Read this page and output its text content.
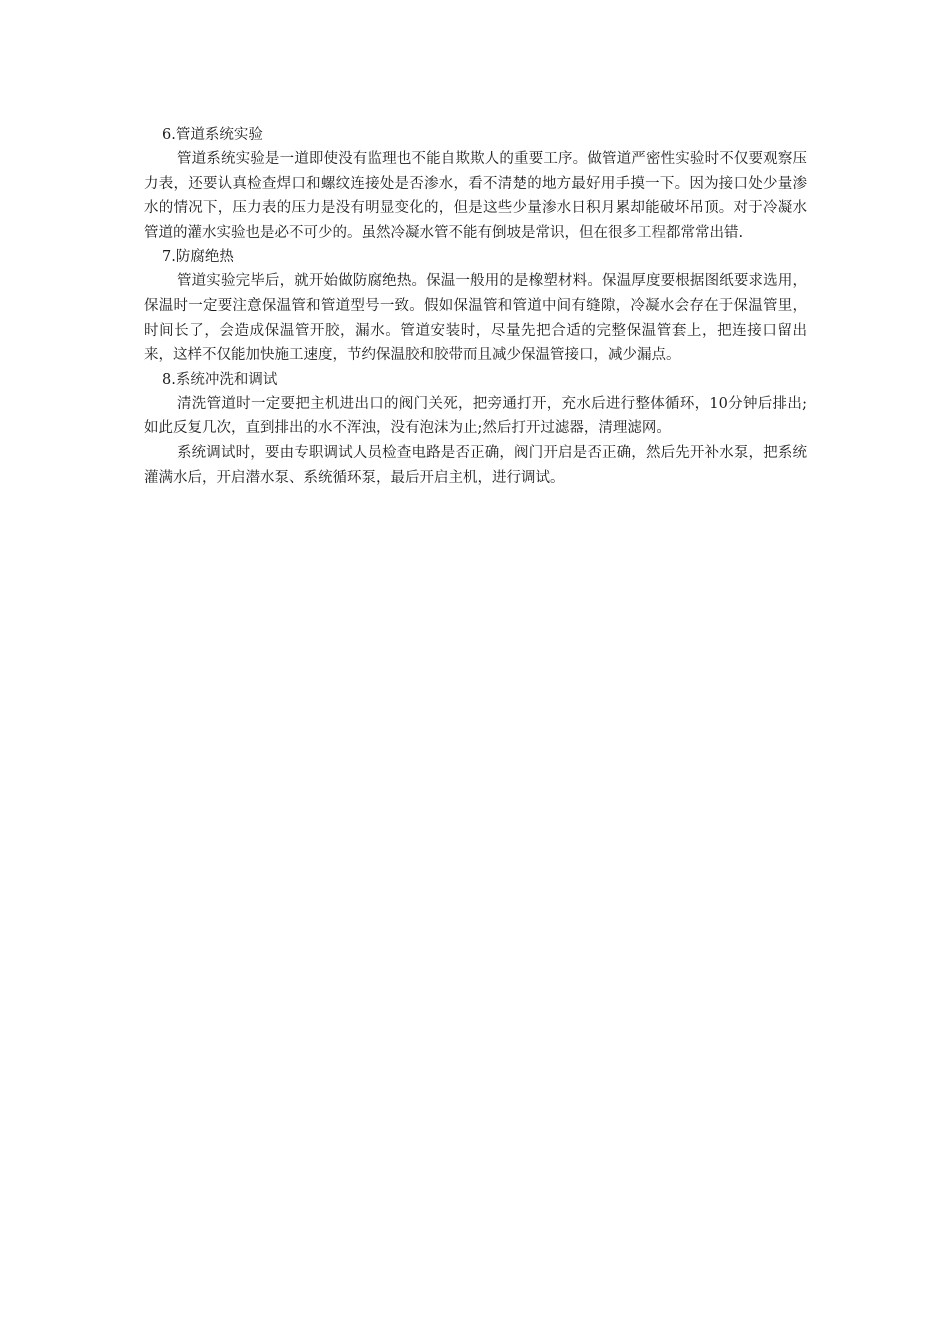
6.管道系统实验

管道系统实验是一道即使没有监理也不能自欺欺人的重要工序。做管道严密性实验时不仅要观察压力表，还要认真检查焊口和螺纹连接处是否渗水，看不清楚的地方最好用手摸一下。因为接口处少量渗水的情况下，压力表的压力是没有明显变化的，但是这些少量渗水日积月累却能破坏吊顶。对于冷凝水管道的灌水实验也是必不可少的。虽然冷凝水管不能有倒坡是常识，但在很多工程都常常出错.

7.防腐绝热

管道实验完毕后，就开始做防腐绝热。保温一般用的是橡塑材料。保温厚度要根据图纸要求选用，保温时一定要注意保温管和管道型号一致。假如保温管和管道中间有缝隙，冷凝水会存在于保温管里，时间长了，会造成保温管开胶，漏水。管道安装时，尽量先把合适的完整保温管套上，把连接口留出来，这样不仅能加快施工速度，节约保温胶和胶带而且减少保温管接口，减少漏点。

8.系统冲洗和调试

清洗管道时一定要把主机进出口的阀门关死，把旁通打开，充水后进行整体循环，10分钟后排出;如此反复几次，直到排出的水不浑浊，没有泡沫为止;然后打开过滤器，清理滤网。

系统调试时，要由专职调试人员检查电路是否正确，阀门开启是否正确，然后先开补水泵，把系统灌满水后，开启潜水泵、系统循环泵，最后开启主机，进行调试。
